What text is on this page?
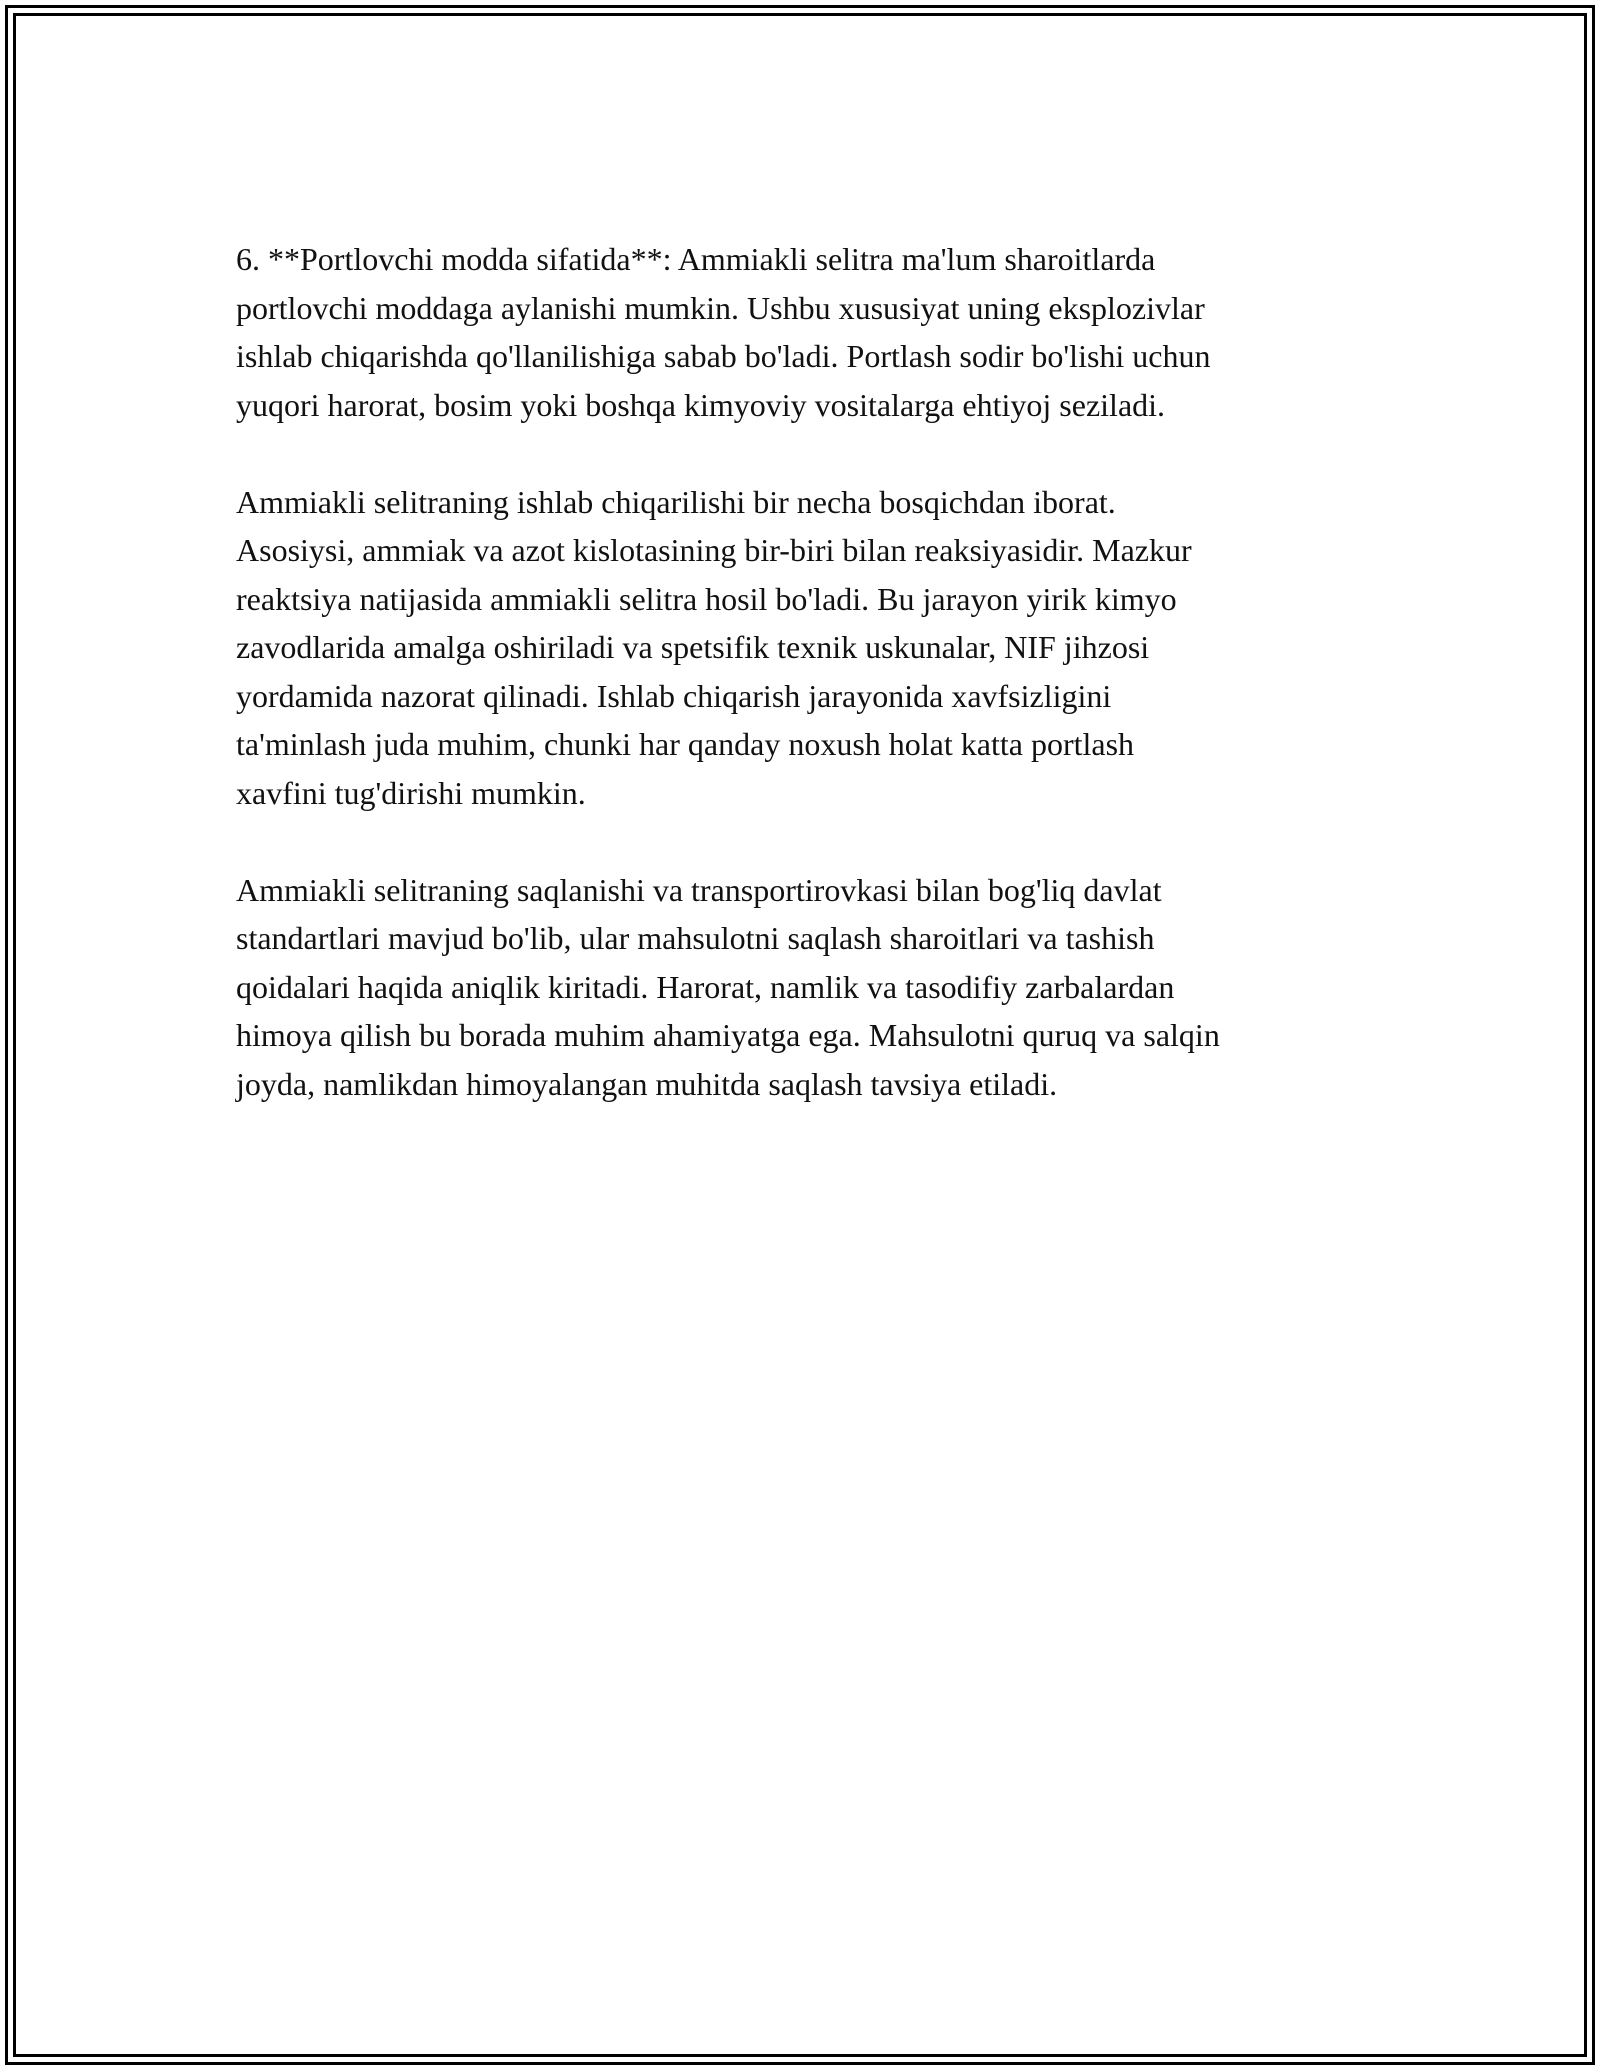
6. **Portlovchi modda sifatida**: Ammiakli selitra ma'lum sharoitlarda
portlovchi moddaga aylanishi mumkin. Ushbu xususiyat uning eksplozivlar
ishlab chiqarishda qo'llanilishiga sabab bo'ladi. Portlash sodir bo'lishi uchun
yuqori harorat, bosim yoki boshqa kimyoviy vositalarga ehtiyoj seziladi.

Ammiakli selitraning ishlab chiqarilishi bir necha bosqichdan iborat.
Asosiysi, ammiak va azot kislotasining bir-biri bilan reaksiyasidir. Mazkur
reaktsiya natijasida ammiakli selitra hosil bo'ladi. Bu jarayon yirik kimyo
zavodlarida amalga oshiriladi va spetsifik texnik uskunalar, NIF jihzosi
yordamida nazorat qilinadi. Ishlab chiqarish jarayonida xavfsizligini
ta'minlash juda muhim, chunki har qanday noxush holat katta portlash
xavfini tug'dirishi mumkin.

Ammiakli selitraning saqlanishi va transportirovkasi bilan bog'liq davlat
standartlari mavjud bo'lib, ular mahsulotni saqlash sharoitlari va tashish
qoidalari haqida aniqlik kiritadi. Harorat, namlik va tasodifiy zarbalardan
himoya qilish bu borada muhim ahamiyatga ega. Mahsulotni quruq va salqin
joyda, namlikdan himoyalangan muhitda saqlash tavsiya etiladi.
